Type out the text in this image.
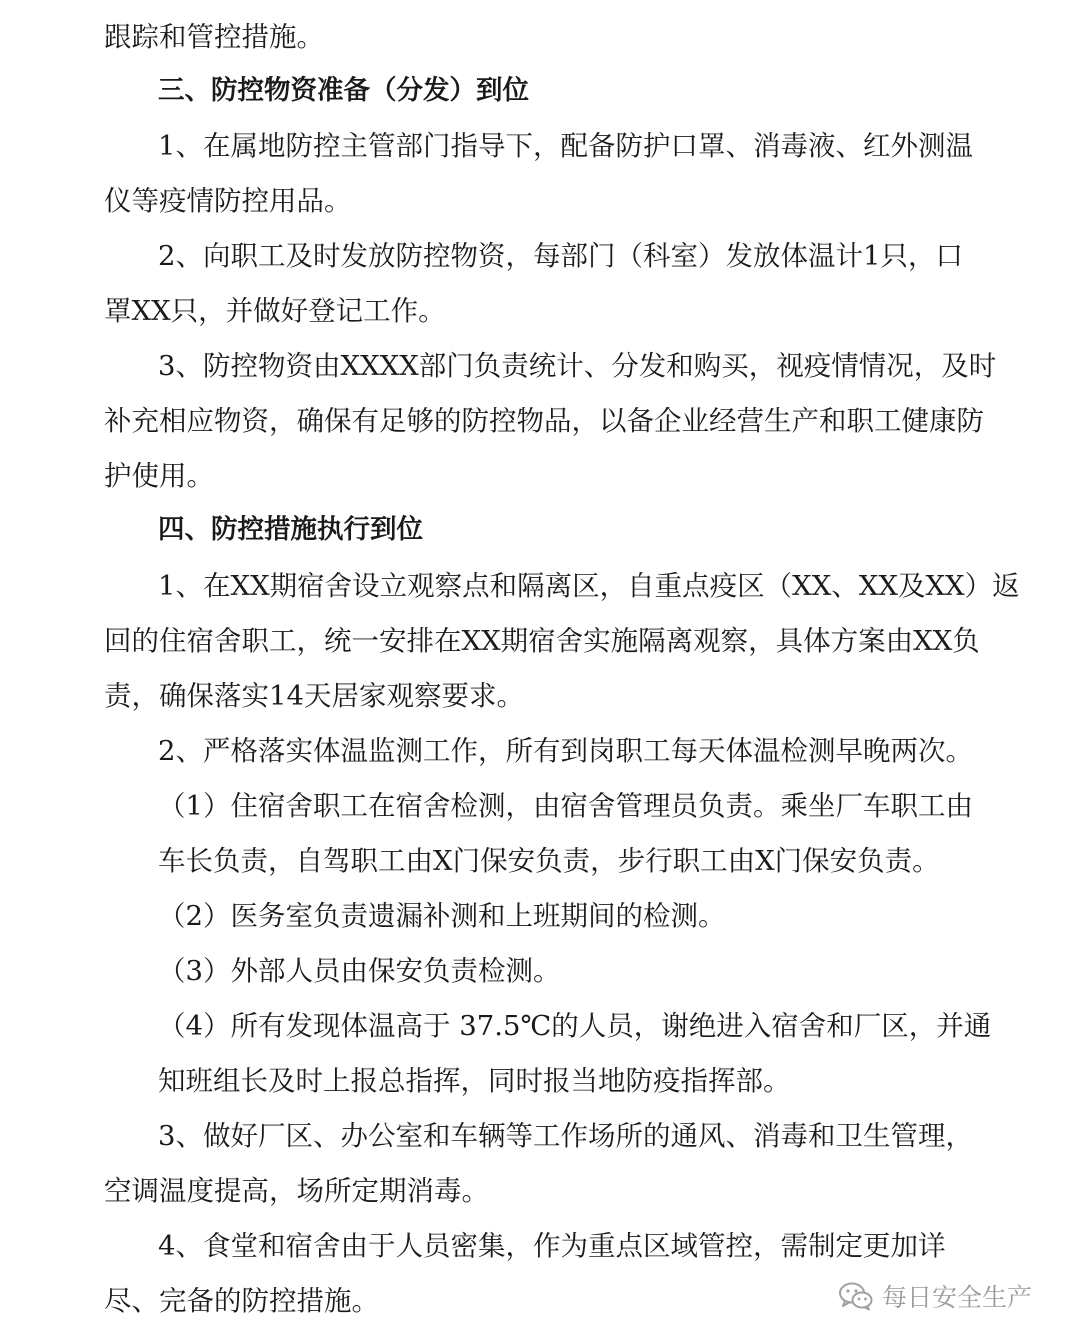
跟踪和管控措施。

三、防控物资准备（分发）到位

1、在属地防控主管部门指导下，配备防护口罩、消毒液、红外测温

仪等疫情防控用品。

2、向职工及时发放防控物资，每部门（科室）发放体温计1只，口

罩XX只，并做好登记工作。

3、防控物资由XXXX部门负责统计、分发和购买，视疫情情况，及时

补充相应物资，确保有足够的防控物品，以备企业经营生产和职工健康防

护使用。

四、防控措施执行到位

1、在XX期宿舍设立观察点和隔离区，自重点疫区（XX、XX及XX）返

回的住宿舍职工，统一安排在XX期宿舍实施隔离观察，具体方案由XX负

责，确保落实14天居家观察要求。

2、严格落实体温监测工作，所有到岗职工每天体温检测早晚两次。

（1）住宿舍职工在宿舍检测，由宿舍管理员负责。乘坐厂车职工由

车长负责，自驾职工由X门保安负责，步行职工由X门保安负责。

（2）医务室负责遗漏补测和上班期间的检测。

（3）外部人员由保安负责检测。

（4）所有发现体温高于 37.5℃的人员，谢绝进入宿舍和厂区，并通

知班组长及时上报总指挥，同时报当地防疫指挥部。

3、做好厂区、办公室和车辆等工作场所的通风、消毒和卫生管理，

空调温度提高，场所定期消毒。

4、食堂和宿舍由于人员密集，作为重点区域管控，需制定更加详

尽、完备的防控措施。	每日安全生产
